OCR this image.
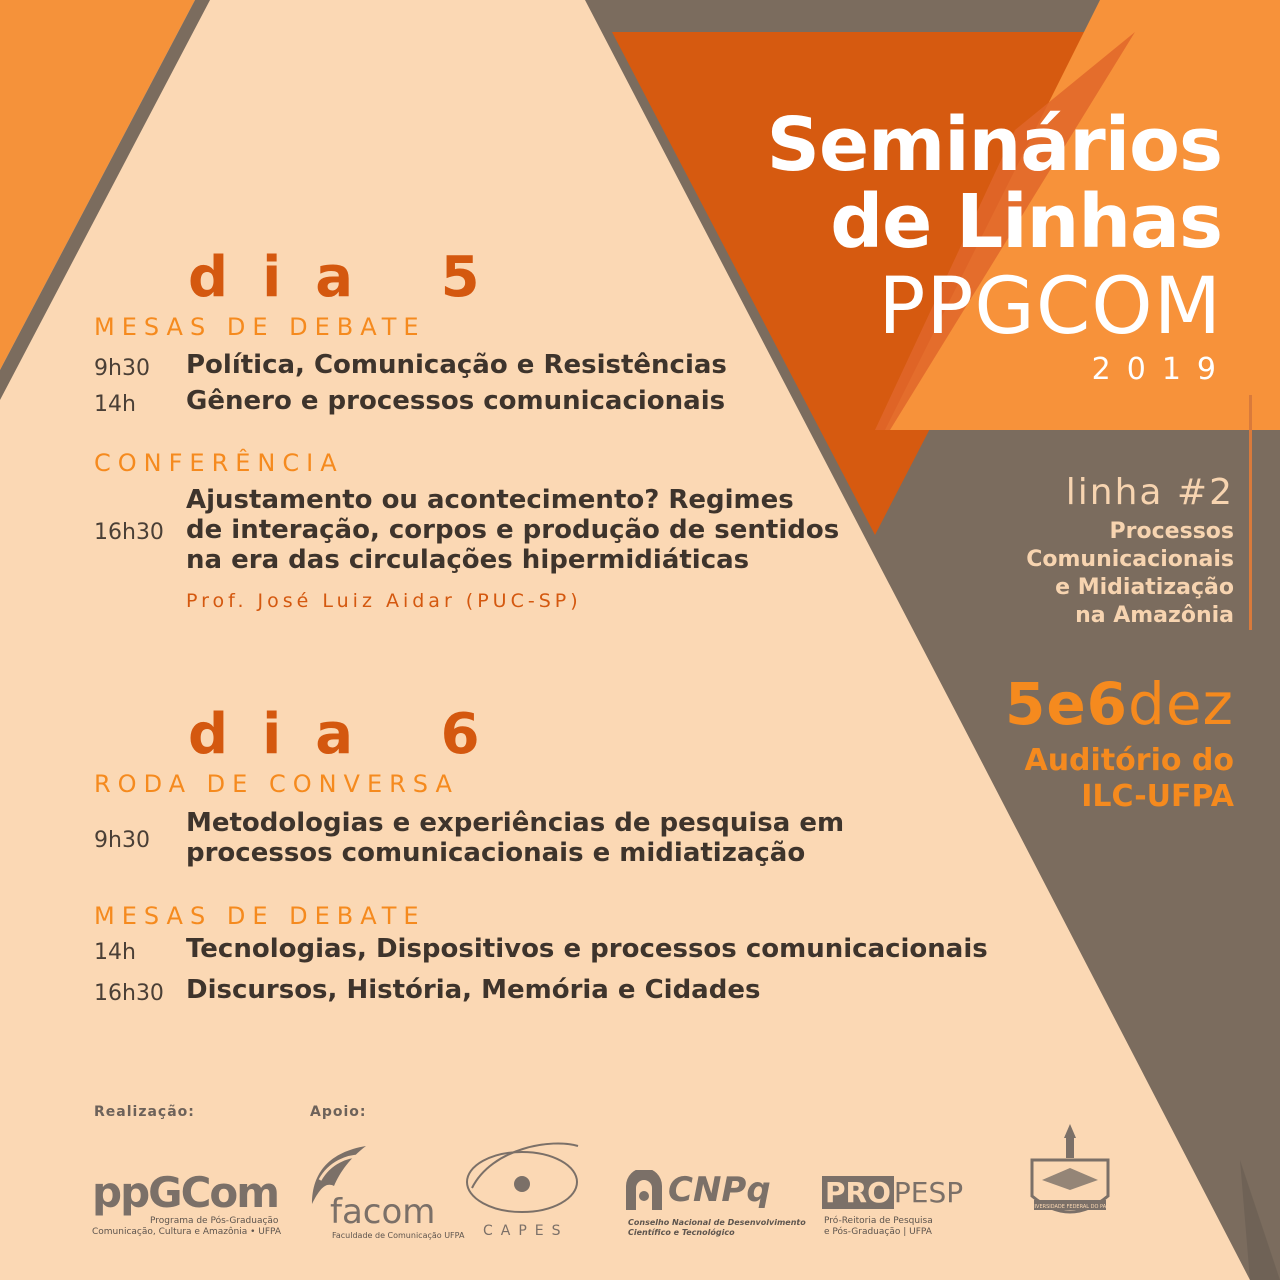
Seminários
de Linhas
PPGCOM
2019
linha #2
Processos
Comunicacionais
e Midiatização
na Amazônia
5e6dez
Auditório do
ILC-UFPA
dia 5
MESAS DE DEBATE
9h30 Política, Comunicação e Resistências
14h Gênero e processos comunicacionais
CONFERÊNCIA
16h30
Ajustamento ou acontecimento? Regimes
de interação, corpos e produção de sentidos
na era das circulações hipermidiáticas
Prof. José Luiz Aidar (PUC-SP)
dia 6
RODA DE CONVERSA
9h30
Metodologias e experiências de pesquisa em
processos comunicacionais e midiatização
MESAS DE DEBATE
14h Tecnologias, Dispositivos e processos comunicacionais
16h30 Discursos, História, Memória e Cidades
Realização:	Apoio:
ppGCom
Programa de Pós-Graduação
Comunicação, Cultura e Amazônia • UFPA facom
Faculdade de Comunicação UFPA CAPES
CNPq
Conselho Nacional de Desenvolvimento
Científico e Tecnológico
PRO PESP
Pró-Reitoria de Pesquisa
e Pós-Graduação | UFPA
UNIVERSIDADE FEDERAL DO PARÁ
